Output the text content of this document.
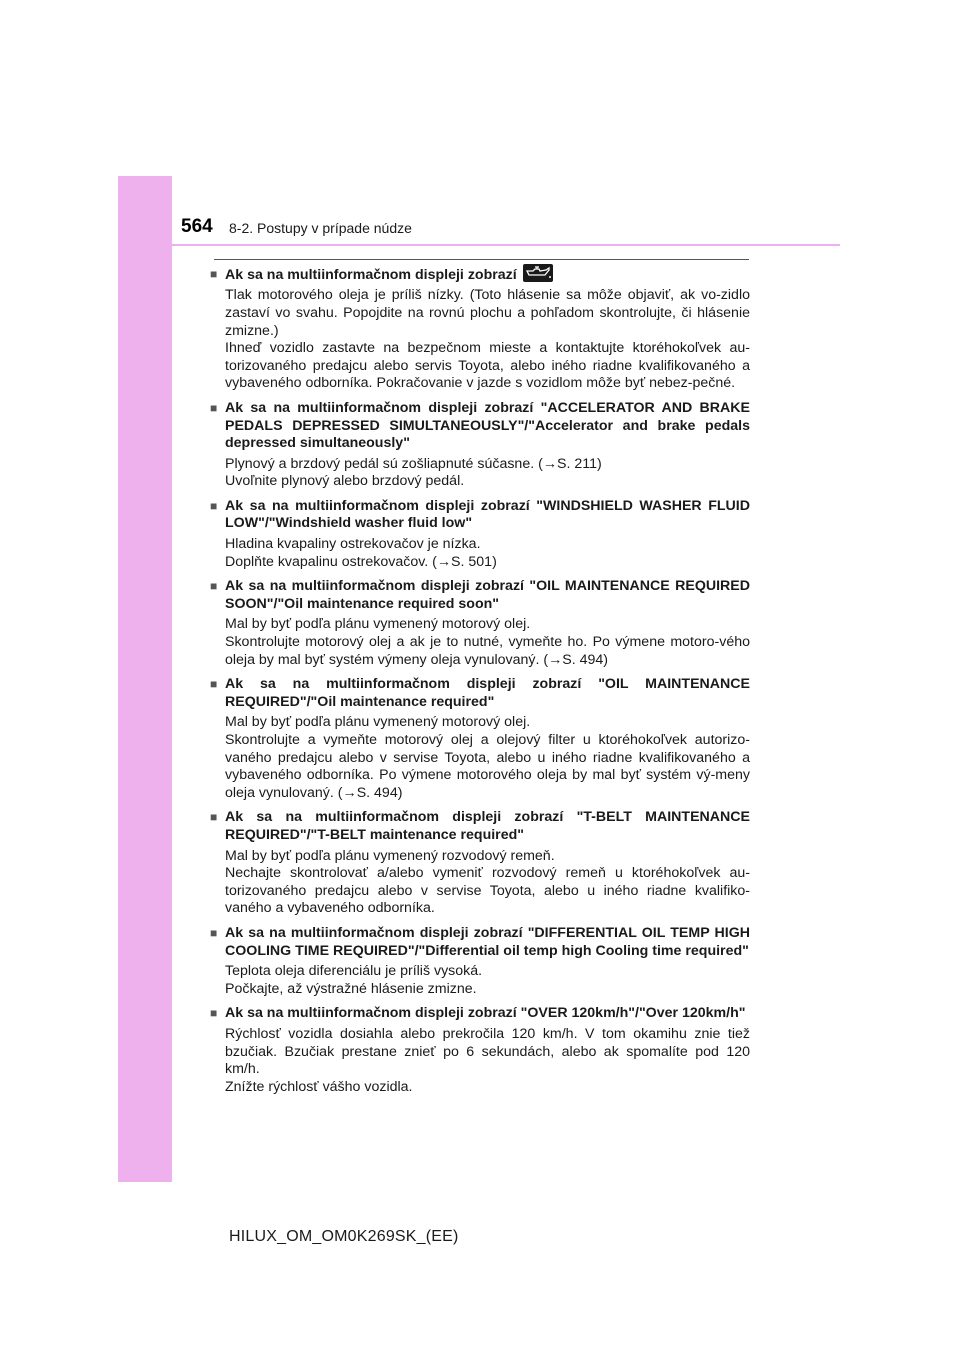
564 8-2. Postupy v prípade núdze
■ Ak sa na multiinformačnom displeji zobrazí

Tlak motorového oleja je príliš nízky. (Toto hlásenie sa môže objaviť, ak vo-zidlo zastaví vo svahu. Popojdite na rovnú plochu a pohľadom skontrolujte, či hlásenie zmizne.)

Ihneď vozidlo zastavte na bezpečnom mieste a kontaktujte ktoréhokoľvek au-torizovaného predajcu alebo servis Toyota, alebo iného riadne kvalifikovaného a vybaveného odborníka. Pokračovanie v jazde s vozidlom môže byť nebez-pečné.

■ Ak sa na multiinformačnom displeji zobrazí "ACCELERATOR AND BRAKE PEDALS DEPRESSED SIMULTANEOUSLY"/"Accelerator and brake pedals depressed simultaneously"

Plynový a brzdový pedál sú zošliapnuté súčasne. (→S. 211)

Uvoľnite plynový alebo brzdový pedál.

■ Ak sa na multiinformačnom displeji zobrazí "WINDSHIELD WASHER FLUID LOW"/"Windshield washer fluid low"

Hladina kvapaliny ostrekovačov je nízka.

Doplňte kvapalinu ostrekovačov. (→S. 501)

■ Ak sa na multiinformačnom displeji zobrazí "OIL MAINTENANCE REQUIRED SOON"/"Oil maintenance required soon"

Mal by byť podľa plánu vymenený motorový olej.

Skontrolujte motorový olej a ak je to nutné, vymeňte ho. Po výmene motoro-vého oleja by mal byť systém výmeny oleja vynulovaný. (→S. 494)

■ Ak sa na multiinformačnom displeji zobrazí "OIL MAINTENANCE REQUIRED"/"Oil maintenance required"

Mal by byť podľa plánu vymenený motorový olej.

Skontrolujte a vymeňte motorový olej a olejový filter u ktoréhokoľvek autorizo-vaného predajcu alebo v servise Toyota, alebo u iného riadne kvalifikovaného a vybaveného odborníka. Po výmene motorového oleja by mal byť systém vý-meny oleja vynulovaný. (→S. 494)

■ Ak sa na multiinformačnom displeji zobrazí "T-BELT MAINTENANCE REQUIRED"/"T-BELT maintenance required"

Mal by byť podľa plánu vymenený rozvodový remeň.

Nechajte skontrolovať a/alebo vymeniť rozvodový remeň u ktoréhokoľvek au-torizovaného predajcu alebo v servise Toyota, alebo u iného riadne kvalifiko-vaného a vybaveného odborníka.

■ Ak sa na multiinformačnom displeji zobrazí "DIFFERENTIAL OIL TEMP HIGH COOLING TIME REQUIRED"/"Differential oil temp high Cooling time required"

Teplota oleja diferenciálu je príliš vysoká.

Počkajte, až výstražné hlásenie zmizne.

■ Ak sa na multiinformačnom displeji zobrazí "OVER 120km/h"/"Over 120km/h"

Rýchlosť vozidla dosiahla alebo prekročila 120 km/h. V tom okamihu znie tiež bzučiak. Bzučiak prestane znieť po 6 sekundách, alebo ak spomalíte pod 120 km/h.

Znížte rýchlosť vášho vozidla.

HILUX_OM_OM0K269SK_(EE)
